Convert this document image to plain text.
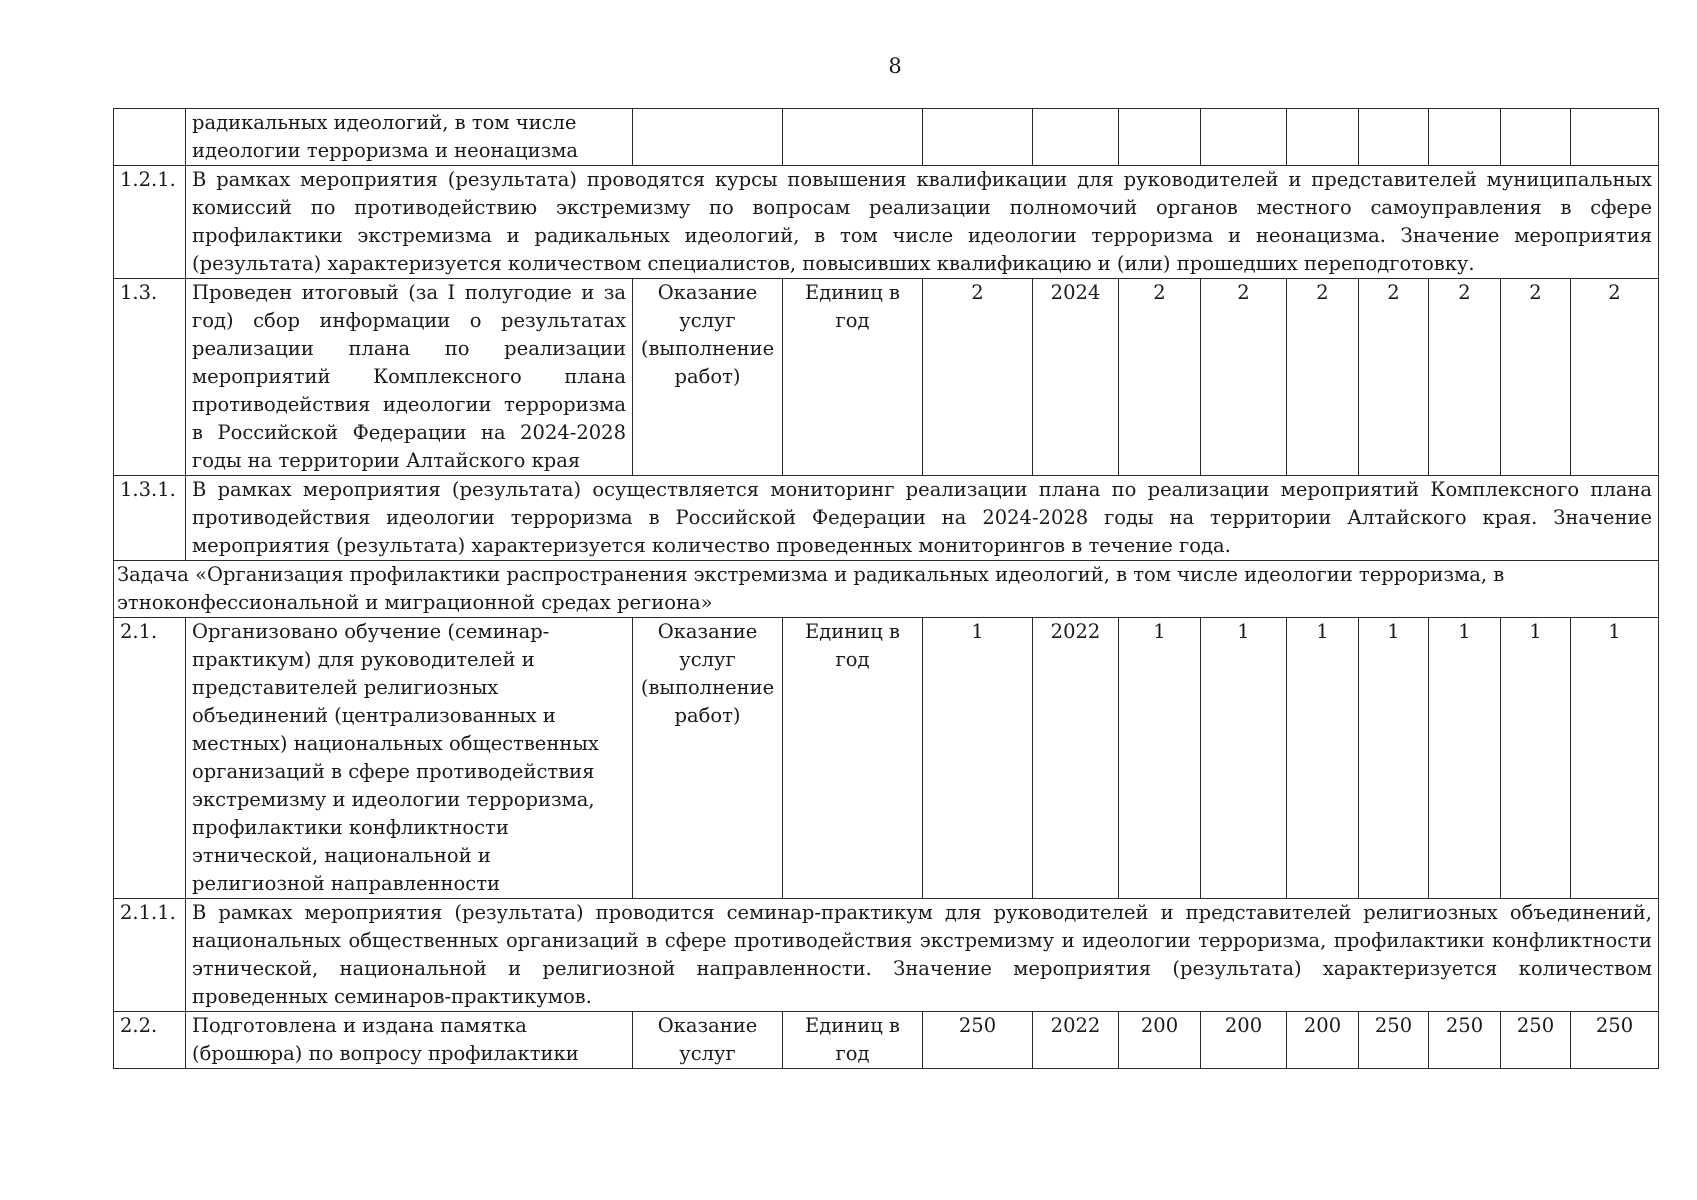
8
	радикальных идеологий, в том числе идеологии терроризма и неонацизма											
1.2.1.	В рамках мероприятия (результата) проводятся курсы повышения квалификации для руководителей и представителей муниципальных комиссий по противодействию экстремизму по вопросам реализации полномочий органов местного самоуправления в сфере профилактики экстремизма и радикальных идеологий, в том числе идеологии терроризма и неонацизма. Значение мероприятия (результата) характеризуется количеством специалистов, повысивших квалификацию и (или) прошедших переподготовку.											
1.3.	Проведен итоговый (за I полугодие и за год) сбор информации о результатах реализации плана по реализации мероприятий Комплексного плана противодействия идеологии терроризма в Российской Федерации на 2024-2028 годы на территории Алтайского края	Оказание услуг (выполнение работ)	Единиц в год	2	2024	2	2	2	2	2	2	2
1.3.1.	В рамках мероприятия (результата) осуществляется мониторинг реализации плана по реализации мероприятий Комплексного плана противодействия идеологии терроризма в Российской Федерации на 2024-2028 годы на территории Алтайского края. Значение мероприятия (результата) характеризуется количество проведенных мониторингов в течение года.											
Задача «Организация профилактики распространения экстремизма и радикальных идеологий, в том числе идеологии терроризма, в этноконфессиональной и миграционной средах региона»												
2.1.	Организовано обучение (семинар-практикум) для руководителей и представителей религиозных объединений (централизованных и местных) национальных общественных организаций в сфере противодействия экстремизму и идеологии терроризма, профилактики конфликтности этнической, национальной и религиозной направленности	Оказание услуг (выполнение работ)	Единиц в год	1	2022	1	1	1	1	1	1	1
2.1.1.	В рамках мероприятия (результата) проводится семинар-практикум для руководителей и представителей религиозных объединений, национальных общественных организаций в сфере противодействия экстремизму и идеологии терроризма, профилактики конфликтности этнической, национальной и религиозной направленности. Значение мероприятия (результата) характеризуется количеством проведенных семинаров-практикумов.											
2.2.	Подготовлена и издана памятка (брошюра) по вопросу профилактики	Оказание услуг	Единиц в год	250	2022	200	200	200	250	250	250	250
